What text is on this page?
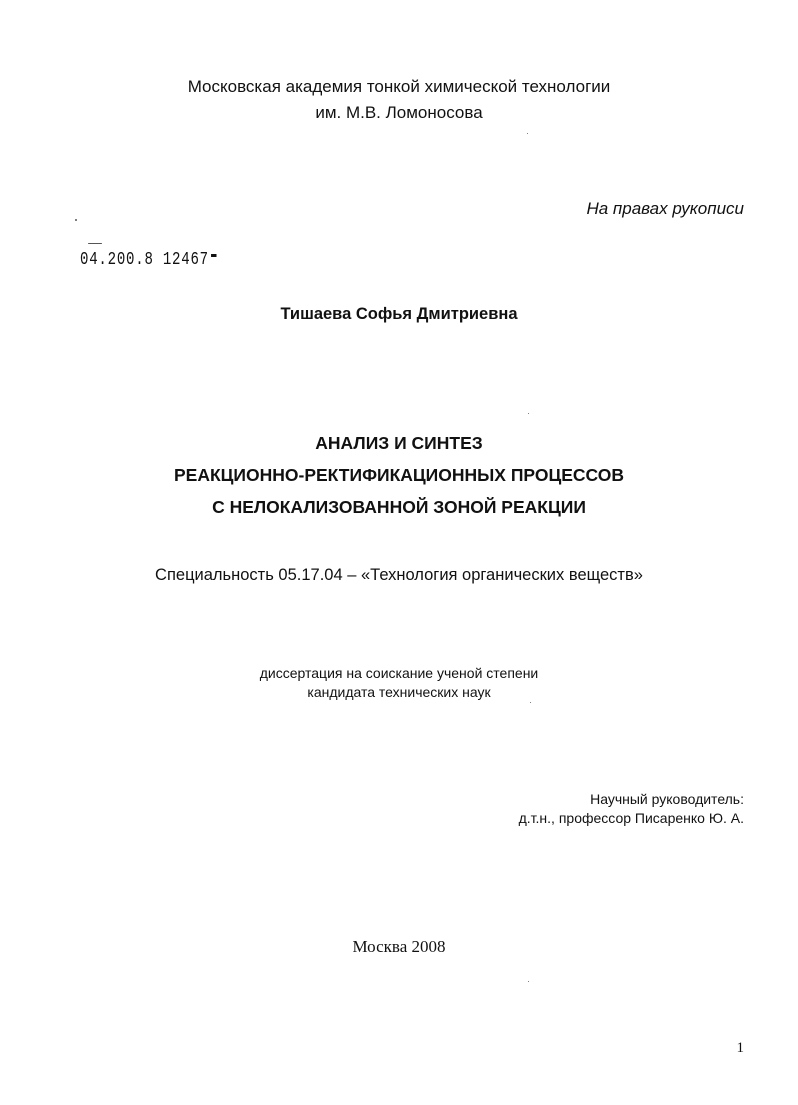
Московская академия тонкой химической технологии
им. М.В. Ломоносова
На правах рукописи
04.200.8 12467
Тишаева Софья Дмитриевна
АНАЛИЗ И СИНТЕЗ
РЕАКЦИОННО-РЕКТИФИКАЦИОННЫХ ПРОЦЕССОВ
С НЕЛОКАЛИЗОВАННОЙ ЗОНОЙ РЕАКЦИИ
Специальность 05.17.04 – «Технология органических веществ»
диссертация на соискание ученой степени
кандидата технических наук
Научный руководитель:
д.т.н., профессор Писаренко Ю. А.
Москва 2008
1
